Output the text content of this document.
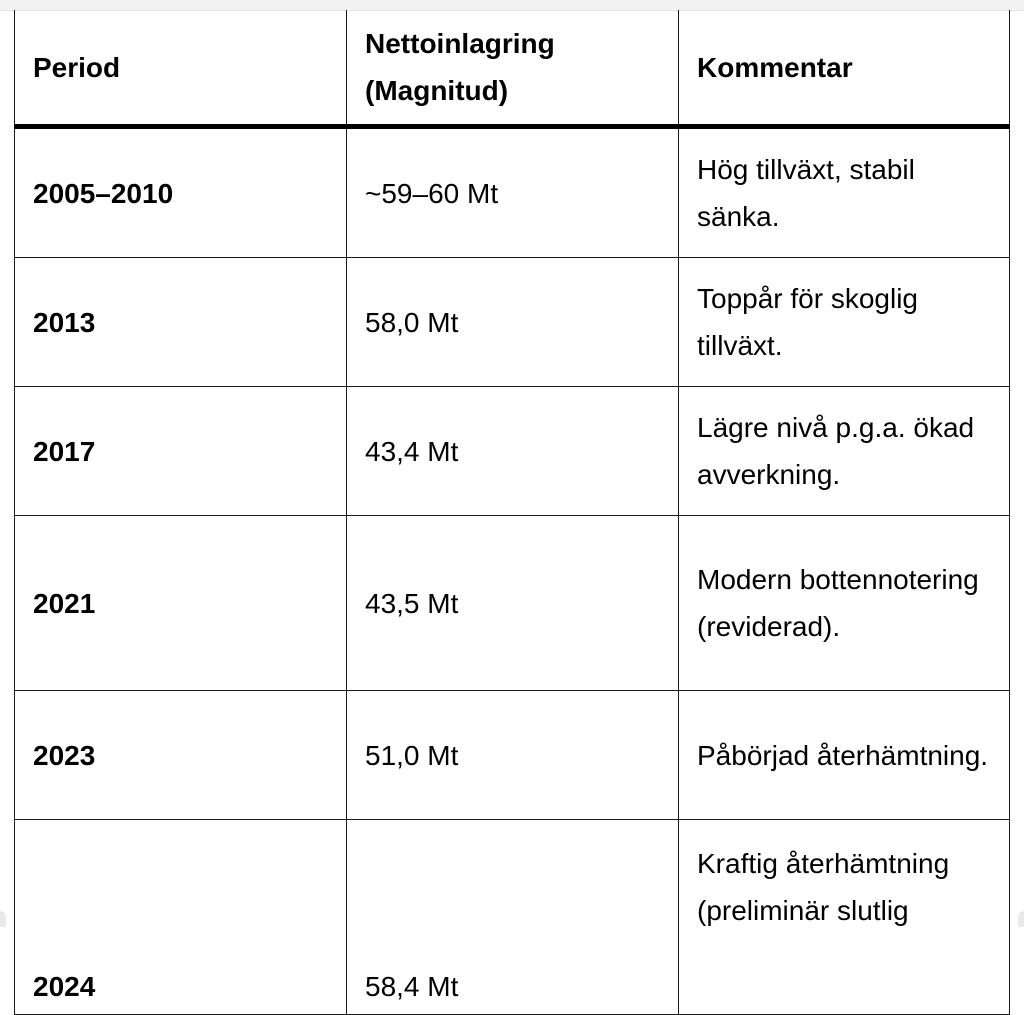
Period	Nettoinlagring (Magnitud)	Kommentar
2005–2010	~59–60 Mt	Hög tillväxt, stabil sänka.
2013	58,0 Mt	Toppår för skoglig tillväxt.
2017	43,4 Mt	Lägre nivå p.g.a. ökad avverkning.
2021	43,5 Mt	Modern bottennotering (reviderad).
2023	51,0 Mt	Påbörjad återhämtning.
2024	58,4 Mt	Kraftig återhämtning (preliminär slutlig
